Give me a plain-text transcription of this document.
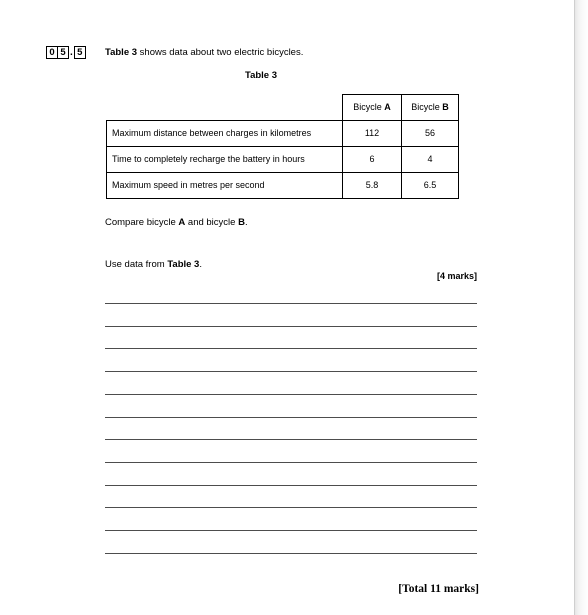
0 5 . 5	Table 3 shows data about two electric bicycles.
Table 3
	Bicycle A	Bicycle B
Maximum distance between charges in kilometres	112	56
Time to completely recharge the battery in hours	6	4
Maximum speed in metres per second	5.8	6.5
Compare bicycle A and bicycle B.
Use data from Table 3.
[4 marks]
[Total 11 marks]
